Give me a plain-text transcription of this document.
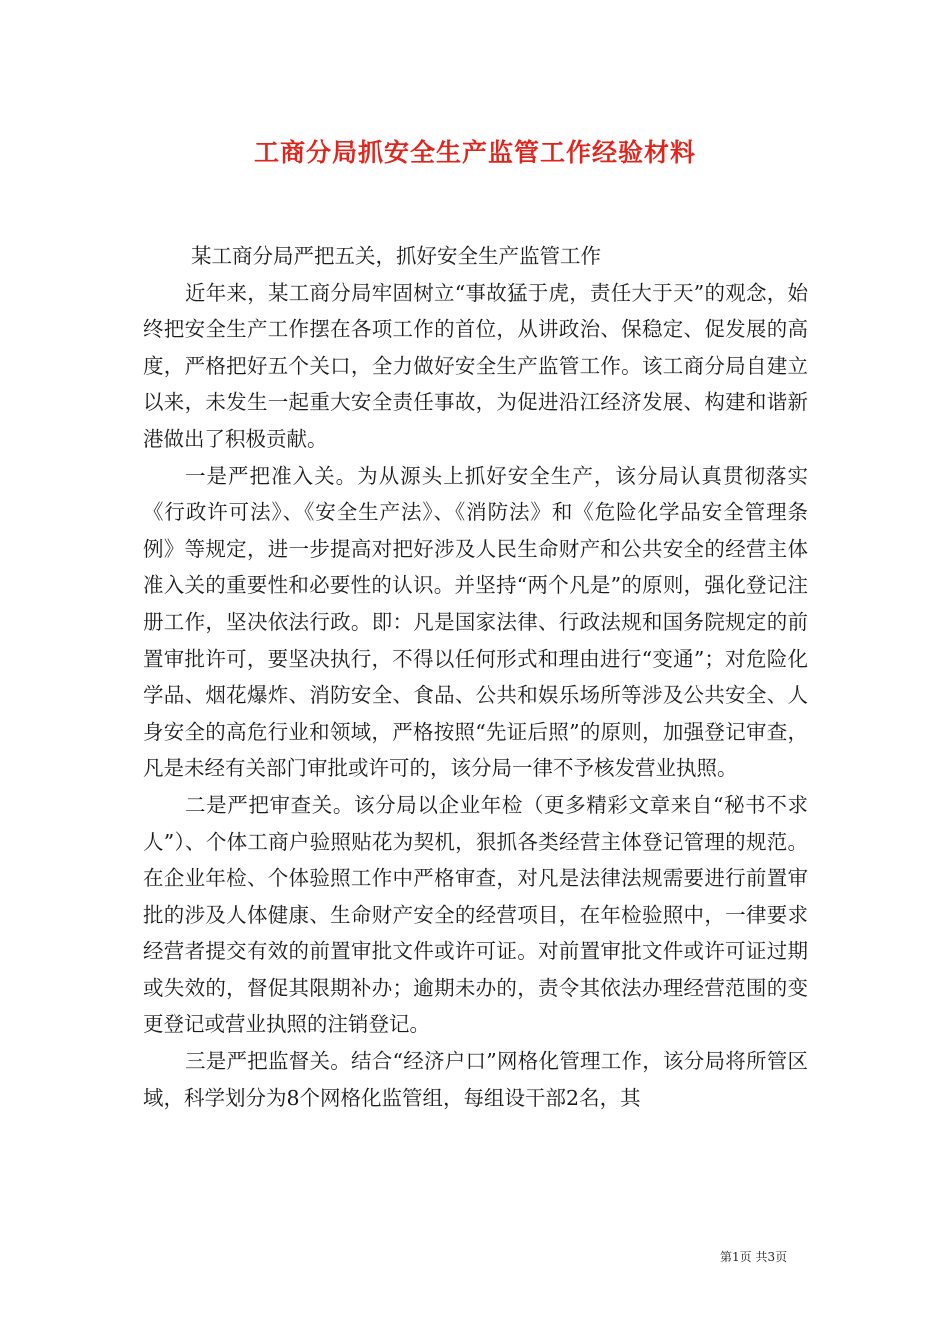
工商分局抓安全生产监管工作经验材料

某工商分局严把五关，抓好安全生产监管工作

近年来，某工商分局牢固树立“事故猛于虎，责任大于天”的观念，始终把安全生产工作摆在各项工作的首位，从讲政治、保稳定、促发展的高度，严格把好五个关口，全力做好安全生产监管工作。该工商分局自建立以来，未发生一起重大安全责任事故，为促进沿江经济发展、构建和谐新港做出了积极贡献。

一是严把准入关。为从源头上抓好安全生产，该分局认真贯彻落实《行政许可法》、《安全生产法》、《消防法》和《危险化学品安全管理条例》等规定，进一步提高对把好涉及人民生命财产和公共安全的经营主体准入关的重要性和必要性的认识。并坚持“两个凡是”的原则，强化登记注册工作，坚决依法行政。即：凡是国家法律、行政法规和国务院规定的前置审批许可，要坚决执行，不得以任何形式和理由进行“变通”；对危险化学品、烟花爆炸、消防安全、食品、公共和娱乐场所等涉及公共安全、人身安全的高危行业和领域，严格按照“先证后照”的原则，加强登记审查，凡是未经有关部门审批或许可的，该分局一律不予核发营业执照。

二是严把审查关。该分局以企业年检（更多精彩文章来自“秘书不求人”）、个体工商户验照贴花为契机，狠抓各类经营主体登记管理的规范。在企业年检、个体验照工作中严格审查，对凡是法律法规需要进行前置审批的涉及人体健康、生命财产安全的经营项目，在年检验照中，一律要求经营者提交有效的前置审批文件或许可证。对前置审批文件或许可证过期或失效的，督促其限期补办；逾期未办的，责令其依法办理经营范围的变更登记或营业执照的注销登记。

三是严把监督关。结合“经济户口”网格化管理工作，该分局将所管区域，科学划分为8个网格化监管组，每组设干部2名，其

第1页 共3页
